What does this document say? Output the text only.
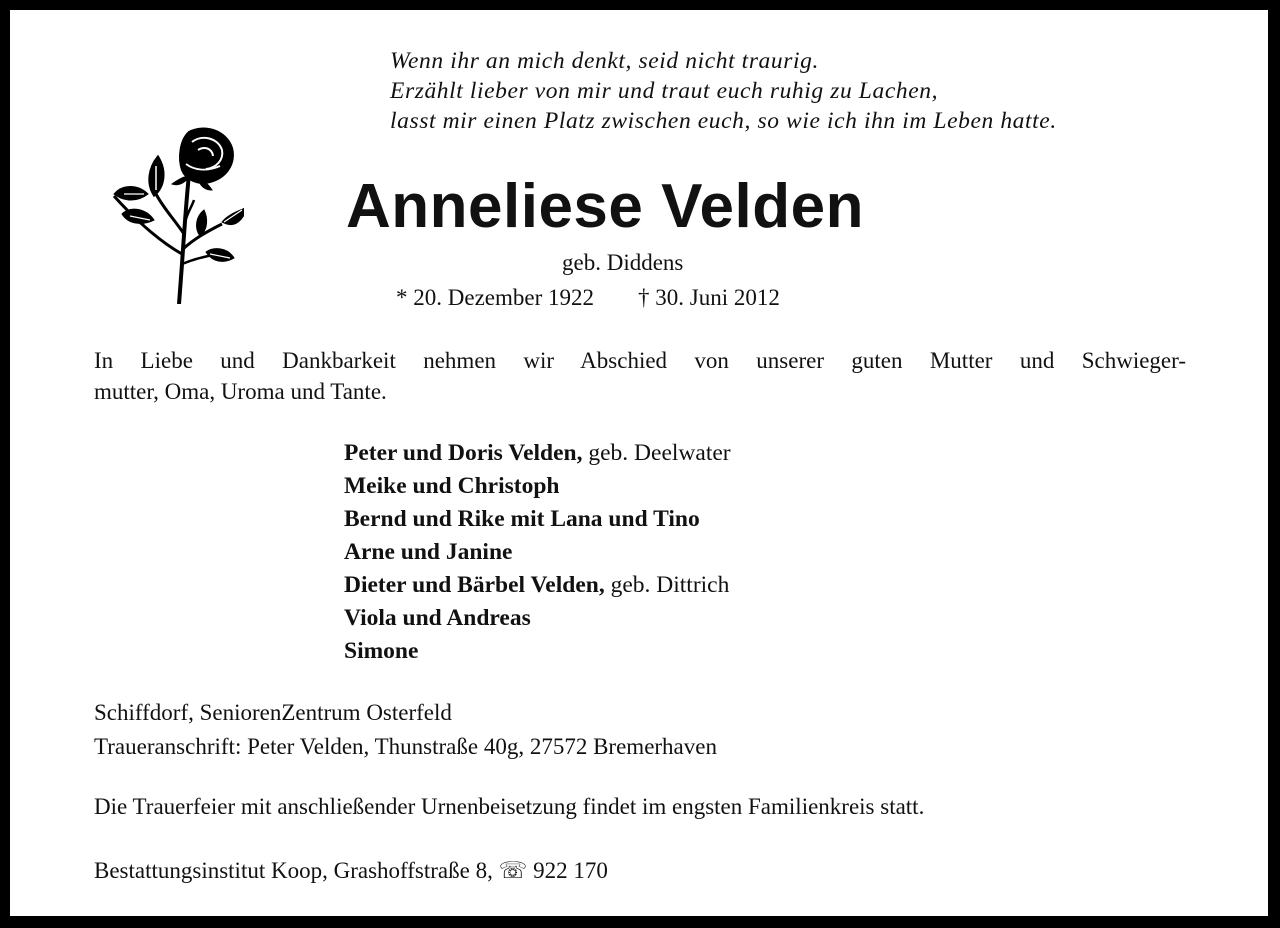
Wenn ihr an mich denkt, seid nicht traurig.
Erzählt lieber von mir und traut euch ruhig zu Lachen,
lasst mir einen Platz zwischen euch, so wie ich ihn im Leben hatte.
Anneliese Velden
geb. Diddens
* 20. Dezember 1922 † 30. Juni 2012
In Liebe und Dankbarkeit nehmen wir Abschied von unserer guten Mutter und Schwieger-
mutter, Oma, Uroma und Tante.
Peter und Doris Velden, geb. Deelwater
Meike und Christoph
Bernd und Rike mit Lana und Tino
Arne und Janine
Dieter und Bärbel Velden, geb. Dittrich
Viola und Andreas
Simone
Schiffdorf, SeniorenZentrum Osterfeld
Traueranschrift: Peter Velden, Thunstraße 40g, 27572 Bremerhaven
Die Trauerfeier mit anschließender Urnenbeisetzung findet im engsten Familienkreis statt.
Bestattungsinstitut Koop, Grashoffstraße 8, ☏ 922 170
